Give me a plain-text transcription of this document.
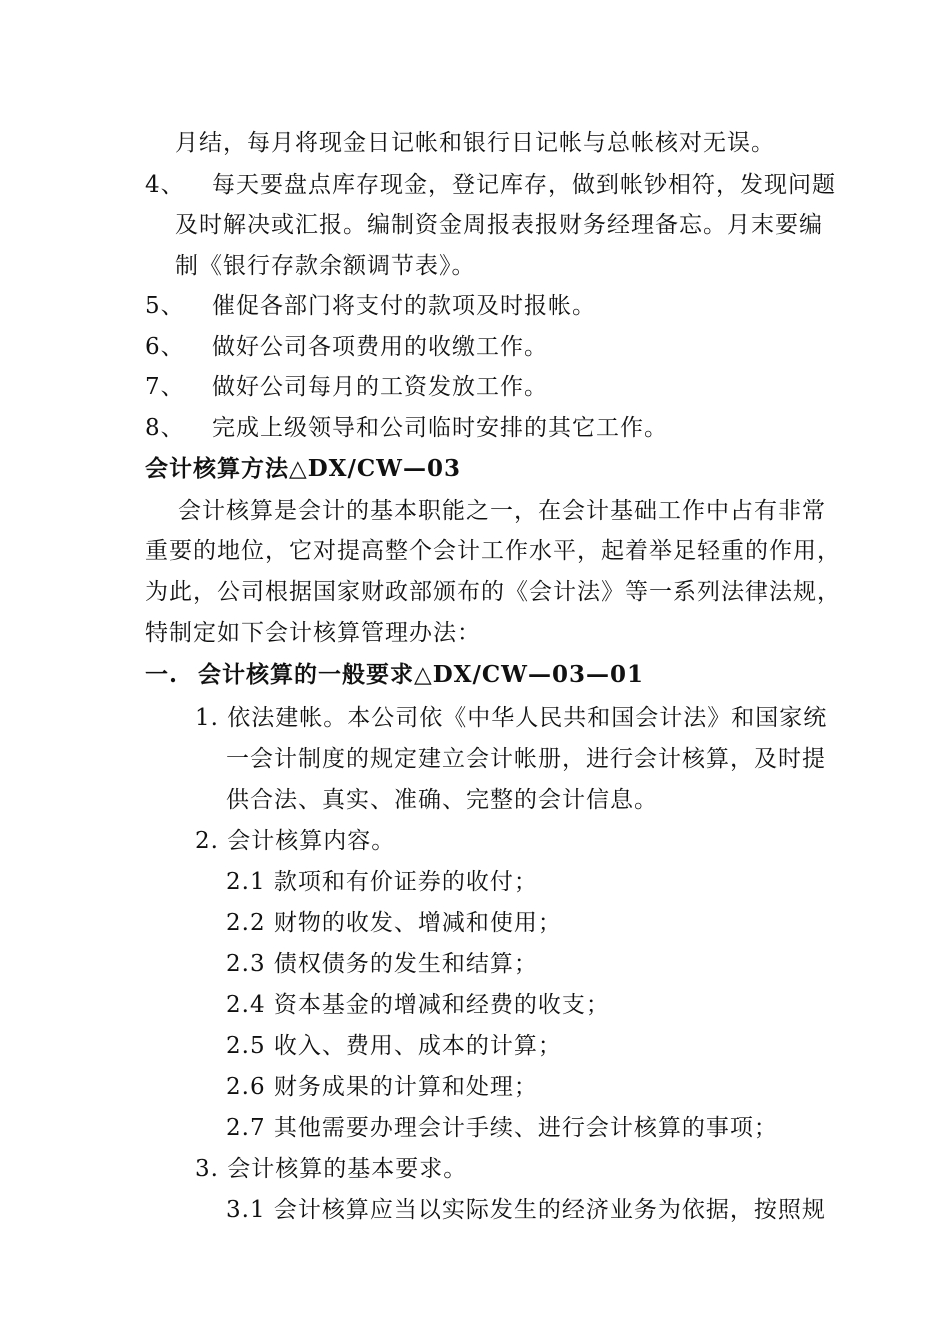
月结，每月将现金日记帐和银行日记帐与总帐核对无误。
4、 每天要盘点库存现金，登记库存，做到帐钞相符，发现问题
及时解决或汇报。编制资金周报表报财务经理备忘。月末要编
制《银行存款余额调节表》。
5、 催促各部门将支付的款项及时报帐。
6、 做好公司各项费用的收缴工作。
7、 做好公司每月的工资发放工作。
8、 完成上级领导和公司临时安排的其它工作。
会计核算方法△DX/CW—03
会计核算是会计的基本职能之一，在会计基础工作中占有非常
重要的地位，它对提高整个会计工作水平，起着举足轻重的作用，
为此，公司根据国家财政部颁布的《会计法》等一系列法律法规，
特制定如下会计核算管理办法：
一. 会计核算的一般要求△DX/CW—03—01
1. 依法建帐。本公司依《中华人民共和国会计法》和国家统
一会计制度的规定建立会计帐册，进行会计核算，及时提
供合法、真实、准确、完整的会计信息。
2. 会计核算内容。
2.1 款项和有价证券的收付；
2.2 财物的收发、增减和使用；
2.3 债权债务的发生和结算；
2.4 资本基金的增减和经费的收支；
2.5 收入、费用、成本的计算；
2.6 财务成果的计算和处理；
2.7 其他需要办理会计手续、进行会计核算的事项；
3. 会计核算的基本要求。
3.1 会计核算应当以实际发生的经济业务为依据，按照规
